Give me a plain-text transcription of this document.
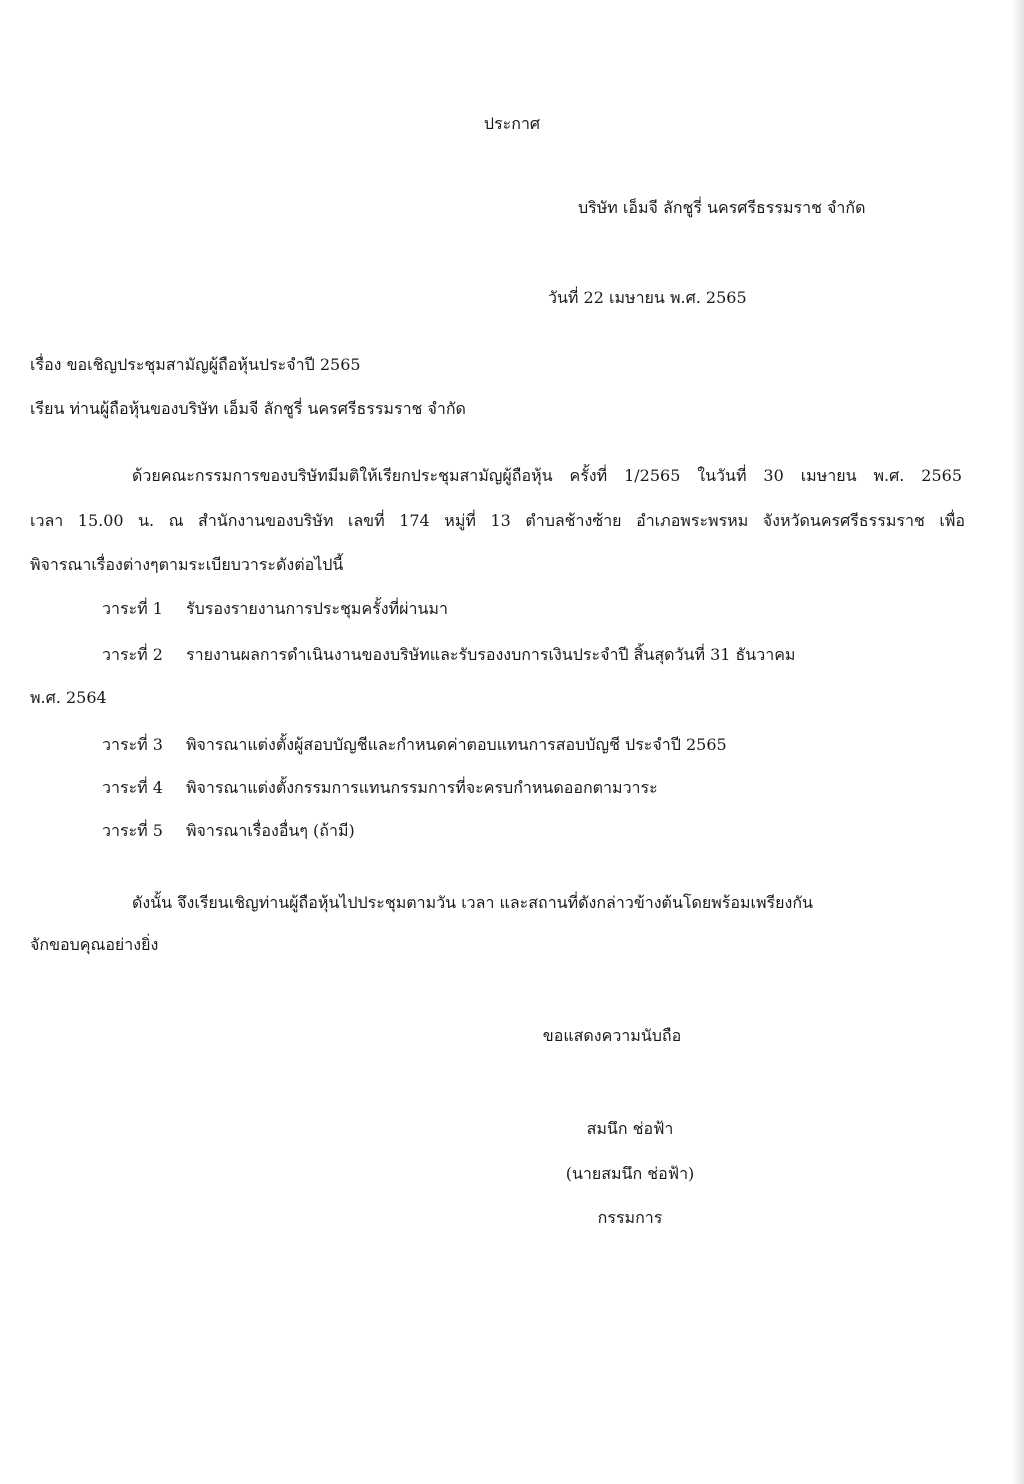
ประกาศ
บริษัท เอ็มจี ลักชูรี่ นครศรีธรรมราช จำกัด
วันที่ 22 เมษายน พ.ศ. 2565
เรื่อง ขอเชิญประชุมสามัญผู้ถือหุ้นประจำปี 2565
เรียน ท่านผู้ถือหุ้นของบริษัท เอ็มจี ลักชูรี่ นครศรีธรรมราช จำกัด
ด้วยคณะกรรมการของบริษัทมีมติให้เรียกประชุมสามัญผู้ถือหุ้น ครั้งที่ 1/2565 ในวันที่ 30 เมษายน พ.ศ. 2565
เวลา 15.00 น. ณ สำนักงานของบริษัท เลขที่ 174 หมู่ที่ 13 ตำบลช้างซ้าย อำเภอพระพรหม จังหวัดนครศรีธรรมราช เพื่อ
พิจารณาเรื่องต่างๆตามระเบียบวาระดังต่อไปนี้
วาระที่ 1 รับรองรายงานการประชุมครั้งที่ผ่านมา
วาระที่ 2 รายงานผลการดำเนินงานของบริษัทและรับรองงบการเงินประจำปี สิ้นสุดวันที่ 31 ธันวาคม
พ.ศ. 2564
วาระที่ 3 พิจารณาแต่งตั้งผู้สอบบัญชีและกำหนดค่าตอบแทนการสอบบัญชี ประจำปี 2565
วาระที่ 4 พิจารณาแต่งตั้งกรรมการแทนกรรมการที่จะครบกำหนดออกตามวาระ
วาระที่ 5 พิจารณาเรื่องอื่นๆ (ถ้ามี)
ดังนั้น จึงเรียนเชิญท่านผู้ถือหุ้นไปประชุมตามวัน เวลา และสถานที่ดังกล่าวข้างต้นโดยพร้อมเพรียงกัน
จักขอบคุณอย่างยิ่ง
ขอแสดงความนับถือ
สมนึก ช่อฟ้า
(นายสมนึก ช่อฟ้า)
กรรมการ
